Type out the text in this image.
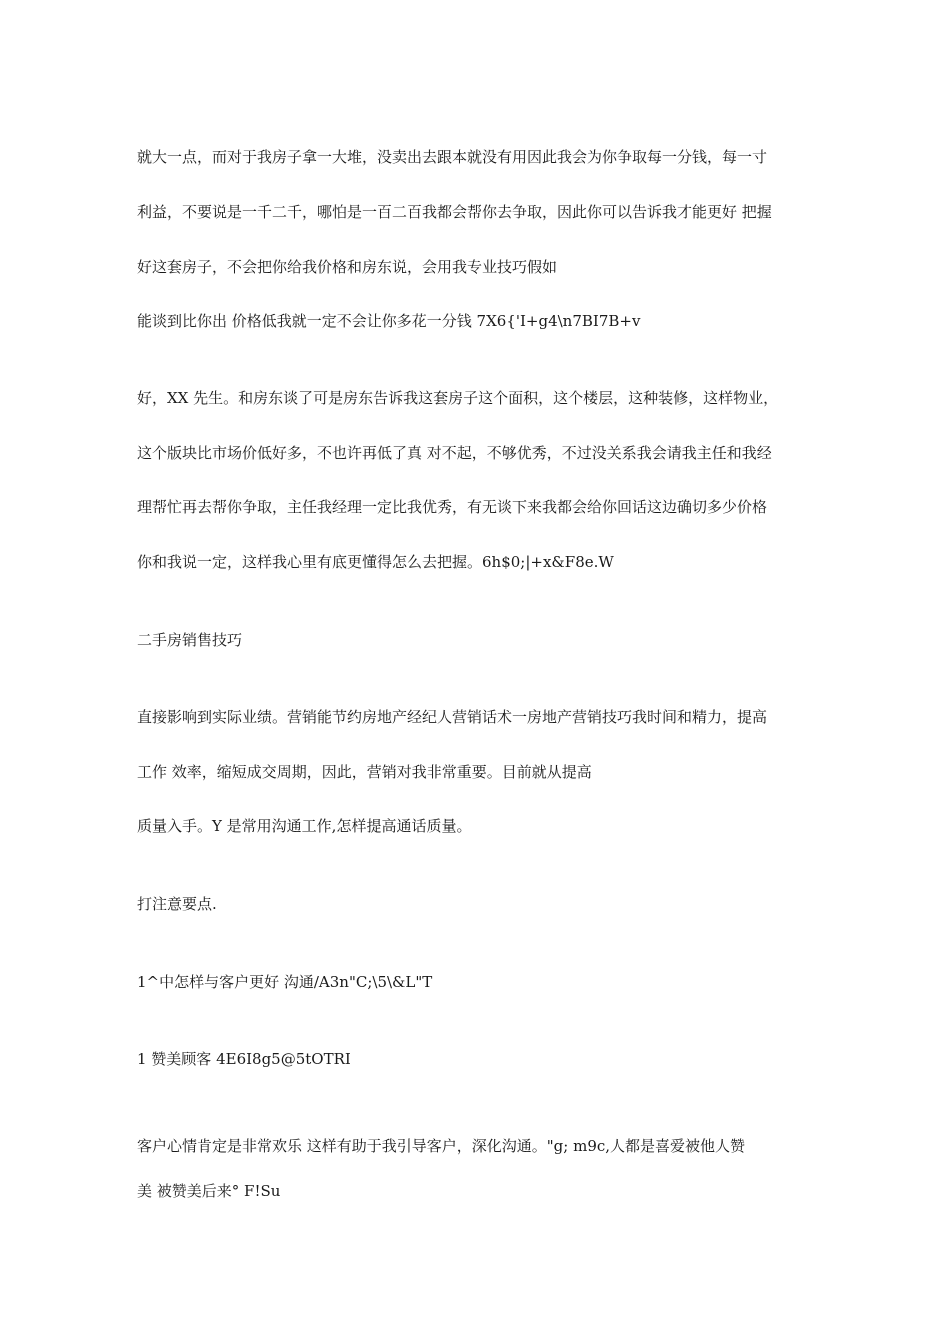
就大一点，而对于我房子拿一大堆，没卖出去跟本就没有用因此我会为你争取每一分钱，每一寸
利益，不要说是一千二千，哪怕是一百二百我都会帮你去争取，因此你可以告诉我才能更好 把握
好这套房子，不会把你给我价格和房东说，会用我专业技巧假如
能谈到比你出 价格低我就一定不会让你多花一分钱 7X6{'I+g4\n7BI7B+v
好，XX 先生。和房东谈了可是房东告诉我这套房子这个面积，这个楼层，这种装修，这样物业，
这个版块比市场价低好多，不也许再低了真 对不起，不够优秀，不过没关系我会请我主任和我经
理帮忙再去帮你争取，主任我经理一定比我优秀，有无谈下来我都会给你回话这边确切多少价格
你和我说一定，这样我心里有底更懂得怎么去把握。6h$0;|+x&F8e.W
二手房销售技巧
直接影响到实际业绩。营销能节约房地产经纪人营销话术一房地产营销技巧我时间和精力，提高
工作 效率，缩短成交周期，因此，营销对我非常重要。目前就从提高
质量入手。Y 是常用沟通工作,怎样提高通话质量。
打注意要点.
1^中怎样与客户更好 沟通/A3n"C;\5\&L"T
1 赞美顾客 4E6I8g5@5tOTRI
客户心情肯定是非常欢乐 这样有助于我引导客户，深化沟通。"g; m9c,人都是喜爱被他人赞
美 被赞美后来° F!Su
